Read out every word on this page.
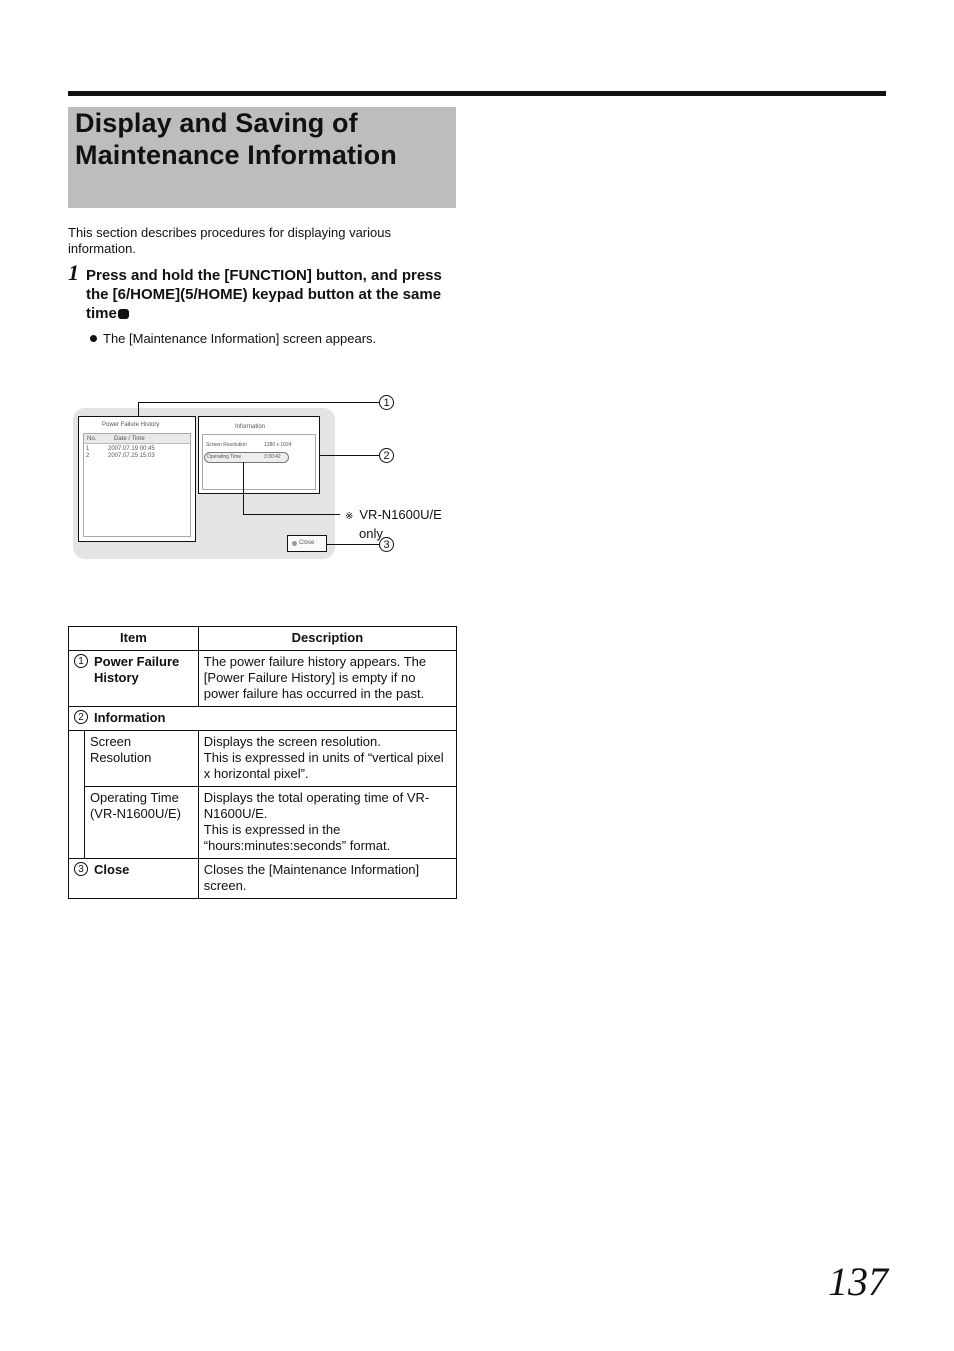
Display and Saving of
Maintenance Information
This section describes procedures for displaying various information.
1 Press and hold the [FUNCTION] button, and press the [6/HOME](5/HOME) keypad button at the same time
The [Maintenance Information] screen appears.
Power Failure History
No.	Date / Time
1	2007.07.19 00:45
2	2007.07.25 15:03
Information
Screen Resolution	1280 x 1024
Operating Time	3:30:42
Close
1
2
3
※ VR-N1600U/E
only
Item		Description
1 Power Failure History		The power failure history appears. The [Power Failure History] is empty if no power failure has occurred in the past.
2 Information		
	Screen Resolution	Displays the screen resolution.
This is expressed in units of “vertical pixel x horizontal pixel”.
	Operating Time (VR-N1600U/E)	Displays the total operating time of VR-N1600U/E.
This is expressed in the “hours:minutes:seconds” format.
3 Close		Closes the [Maintenance Information] screen.
137
